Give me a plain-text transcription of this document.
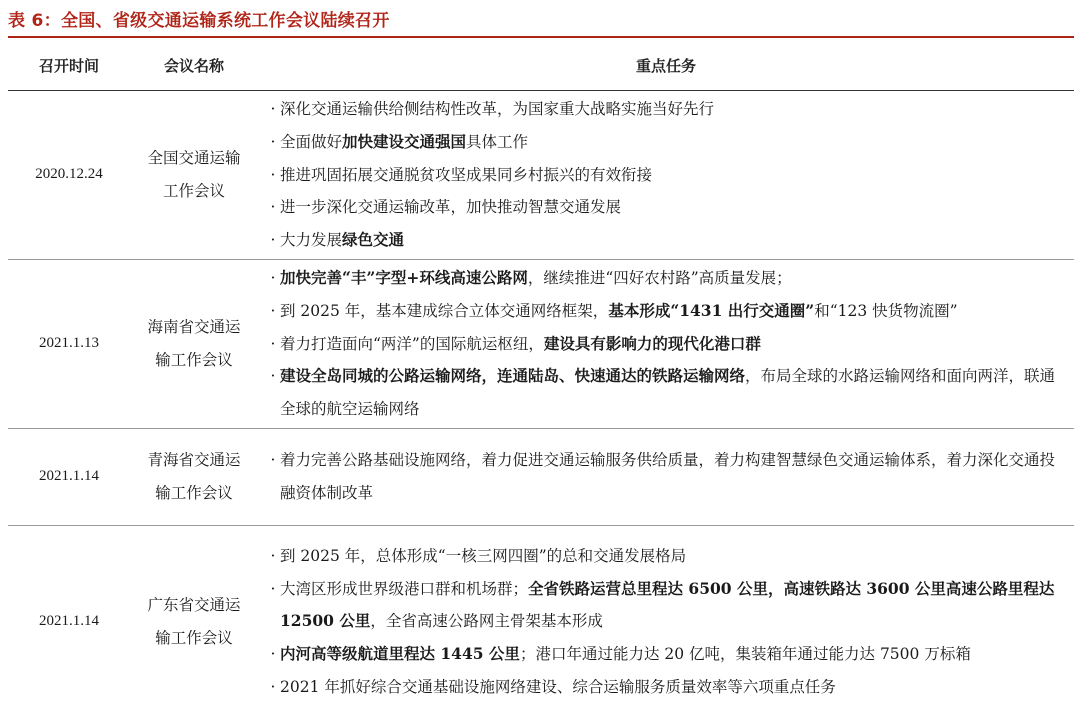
表 6：全国、省级交通运输系统工作会议陆续召开
召开时间	会议名称	重点任务
2020.12.24	全国交通运输工作会议	· 深化交通运输供给侧结构性改革，为国家重大战略实施当好先行
· 全面做好加快建设交通强国具体工作
· 推进巩固拓展交通脱贫攻坚成果同乡村振兴的有效衔接
· 进一步深化交通运输改革，加快推动智慧交通发展
· 大力发展绿色交通

2021.1.13	海南省交通运输工作会议	· 加快完善“丰”字型+环线高速公路网，继续推进“四好农村路”高质量发展；
· 到 2025 年，基本建成综合立体交通网络框架，基本形成“1431 出行交通圈”和“123 快货物流圈”
· 着力打造面向“两洋”的国际航运枢纽，建设具有影响力的现代化港口群
· 建设全岛同城的公路运输网络，连通陆岛、快速通达的铁路运输网络，布局全球的水路运输网络和面向两洋，联通全球的航空运输网络

2021.1.14	青海省交通运输工作会议	· 着力完善公路基础设施网络，着力促进交通运输服务供给质量，着力构建智慧绿色交通运输体系，着力深化交通投融资体制改革

2021.1.14	广东省交通运输工作会议	· 到 2025 年，总体形成“一核三网四圈”的总和交通发展格局
· 大湾区形成世界级港口群和机场群；全省铁路运营总里程达 6500 公里，高速铁路达 3600 公里高速公路里程达 12500 公里，全省高速公路网主骨架基本形成
· 内河高等级航道里程达 1445 公里；港口年通过能力达 20 亿吨，集装箱年通过能力达 7500 万标箱
· 2021 年抓好综合交通基础设施网络建设、综合运输服务质量效率等六项重点任务
